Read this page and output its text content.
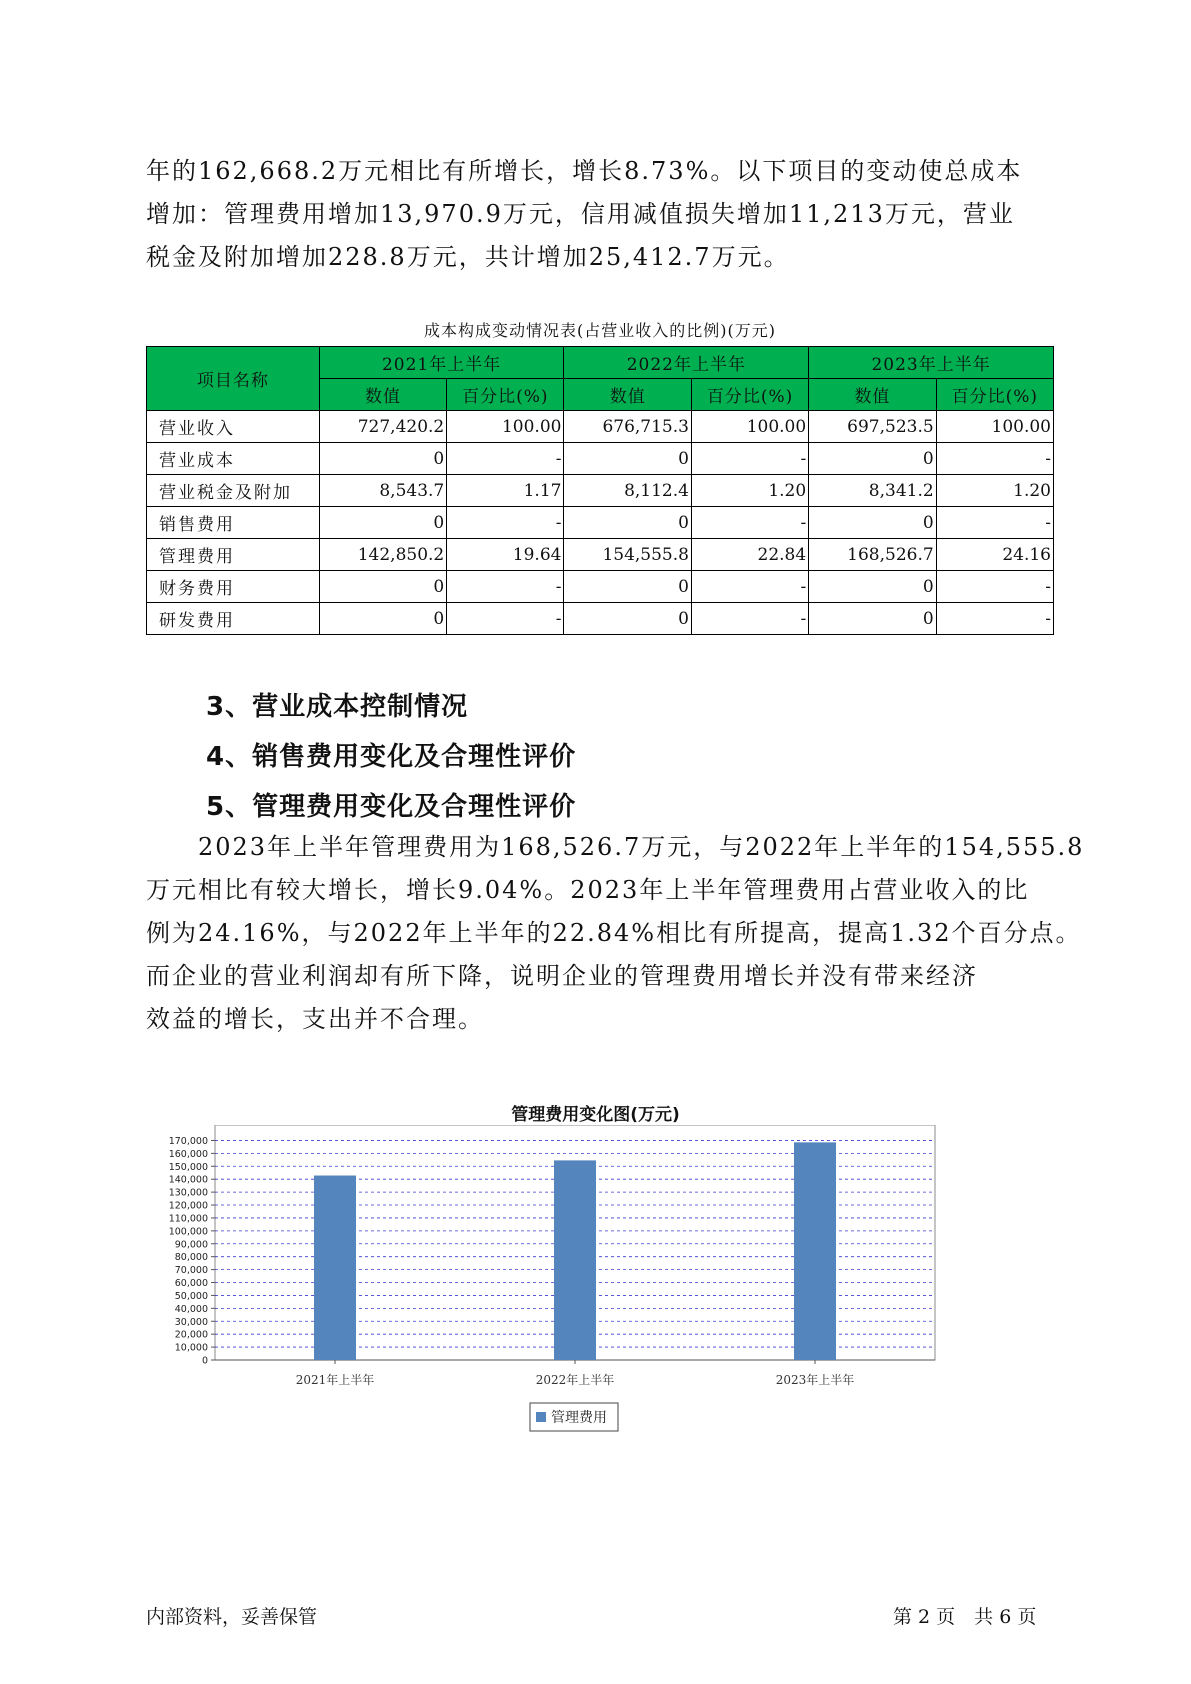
年的162,668.2万元相比有所增长，增长8.73%。以下项目的变动使总成本
增加：管理费用增加13,970.9万元，信用减值损失增加11,213万元，营业
税金及附加增加228.8万元，共计增加25,412.7万元。
成本构成变动情况表(占营业收入的比例)(万元)
项目名称	2021年上半年		2022年上半年		2023年上半年	
	数值	百分比(%)	数值	百分比(%)	数值	百分比(%)
营业收入	727,420.2	100.00	676,715.3	100.00	697,523.5	100.00
营业成本	0	-	0	-	0	-
营业税金及附加	8,543.7	1.17	8,112.4	1.20	8,341.2	1.20
销售费用	0	-	0	-	0	-
管理费用	142,850.2	19.64	154,555.8	22.84	168,526.7	24.16
财务费用	0	-	0	-	0	-
研发费用	0	-	0	-	0	-
3、营业成本控制情况
4、销售费用变化及合理性评价
5、管理费用变化及合理性评价
　　2023年上半年管理费用为168,526.7万元，与2022年上半年的154,555.8
万元相比有较大增长，增长9.04%。2023年上半年管理费用占营业收入的比
例为24.16%，与2022年上半年的22.84%相比有所提高，提高1.32个百分点。
而企业的营业利润却有所下降，说明企业的管理费用增长并没有带来经济
效益的增长，支出并不合理。
管理费用变化图(万元)
0
10,000
20,000
30,000
40,000
50,000
60,000
70,000
80,000
90,000
100,000
110,000
120,000
130,000
140,000
150,000
160,000
170,000
2021年上半年	2022年上半年	2023年上半年
管理费用
内部资料，妥善保管	第 2 页　共 6 页
